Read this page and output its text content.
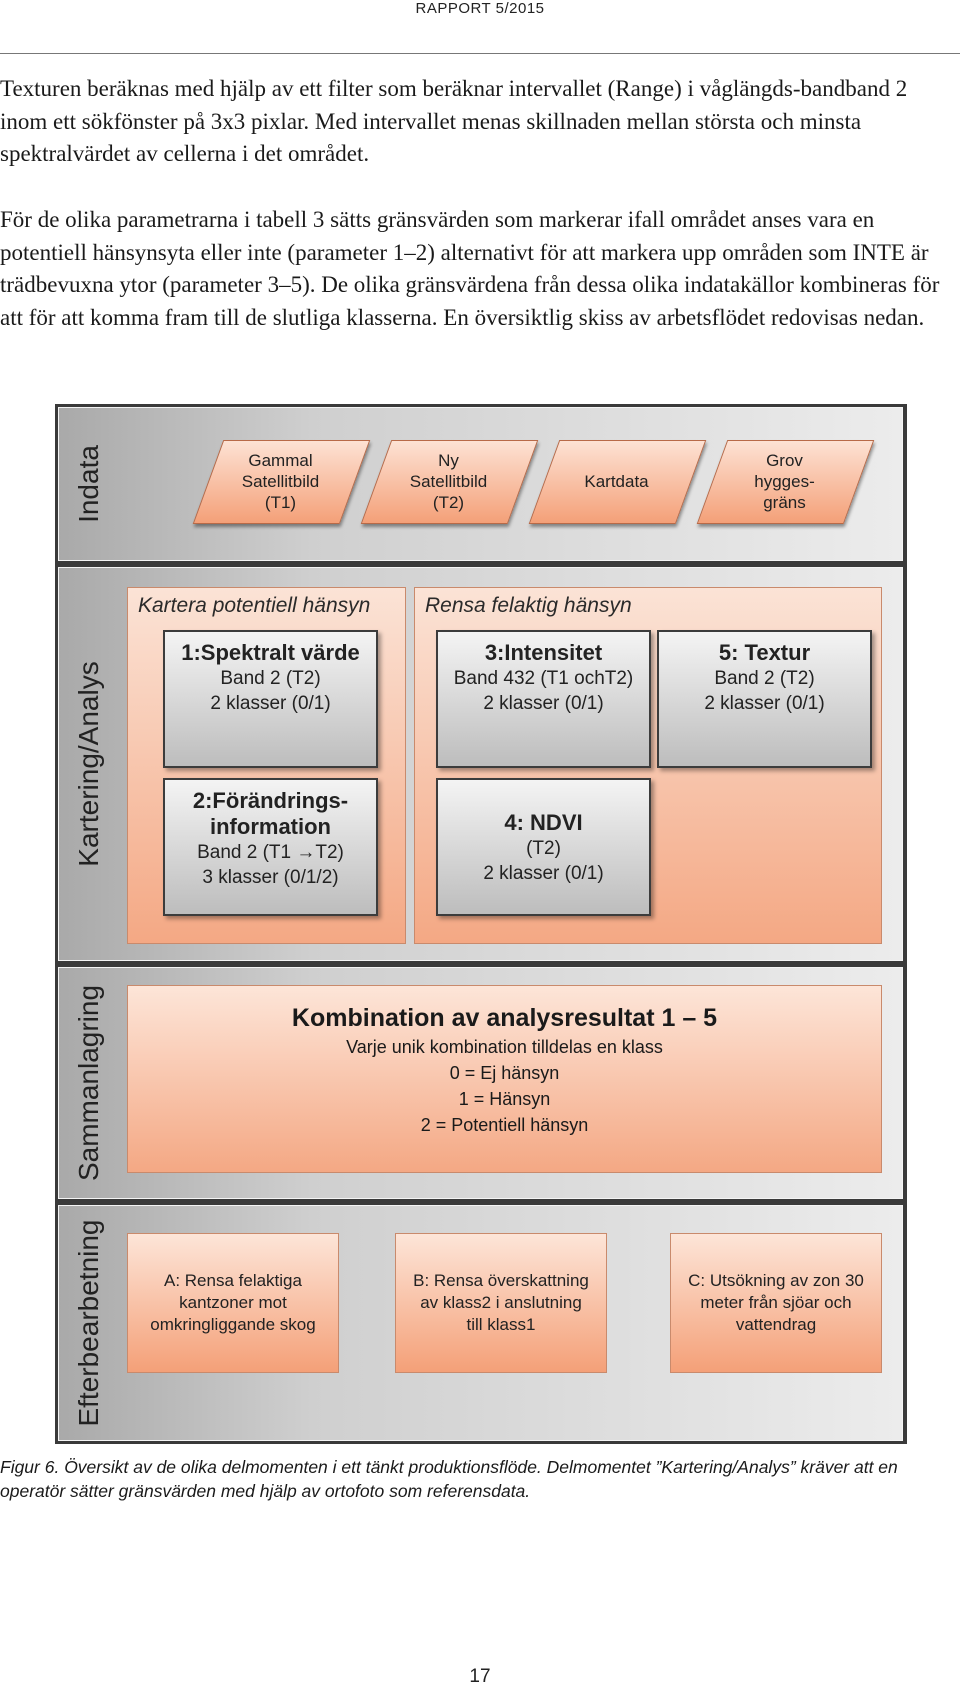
RAPPORT 5/2015

Texturen beräknas med hjälp av ett filter som beräknar intervallet (Range) i våglängds-bandband 2 inom ett sökfönster på 3x3 pixlar. Med intervallet menas skillnaden mellan största och minsta spektralvärdet av cellerna i det området.

För de olika parametrarna i tabell 3 sätts gränsvärden som markerar ifall området anses vara en potentiell hänsynsyta eller inte (parameter 1–2) alternativt för att markera upp områden som INTE är trädbevuxna ytor (parameter 3–5). De olika gränsvärdena från dessa olika indatakällor kombineras för att för att komma fram till de slutliga klasserna. En översiktlig skiss av arbetsflödet redovisas nedan.

Indata	Gammal
Satellitbild
(T1)
Ny
Satellitbild
(T2)
Kartdata
Grov
hygges-
gräns
Kartering/Analys
Kartera potentiell hänsyn	Rensa felaktig hänsyn
1:Spektralt värde
Band 2 (T2)
2 klasser (0/1)
2:Förändrings-
information
Band 2 (T1 →T2)
3 klasser (0/1/2)
3:Intensitet
Band 432 (T1 ochT2)
2 klasser (0/1)
4: NDVI
(T2)
2 klasser (0/1)
5: Textur
Band 2 (T2)
2 klasser (0/1)
Sammanlagring	Kombination av analysresultat 1 – 5
Varje unik kombination tilldelas en klass
0 = Ej hänsyn
1 = Hänsyn
2 = Potentiell hänsyn
Efterbearbetning	A: Rensa felaktiga
kantzoner mot
omkringliggande skog
B: Rensa överskattning
av klass2 i anslutning
till klass1
C: Utsökning av zon 30
meter från sjöar och
vattendrag

Figur 6. Översikt av de olika delmomenten i ett tänkt produktionsflöde. Delmomentet ”Kartering/Analys” kräver att en operatör sätter gränsvärden med hjälp av ortofoto som referensdata.

17
